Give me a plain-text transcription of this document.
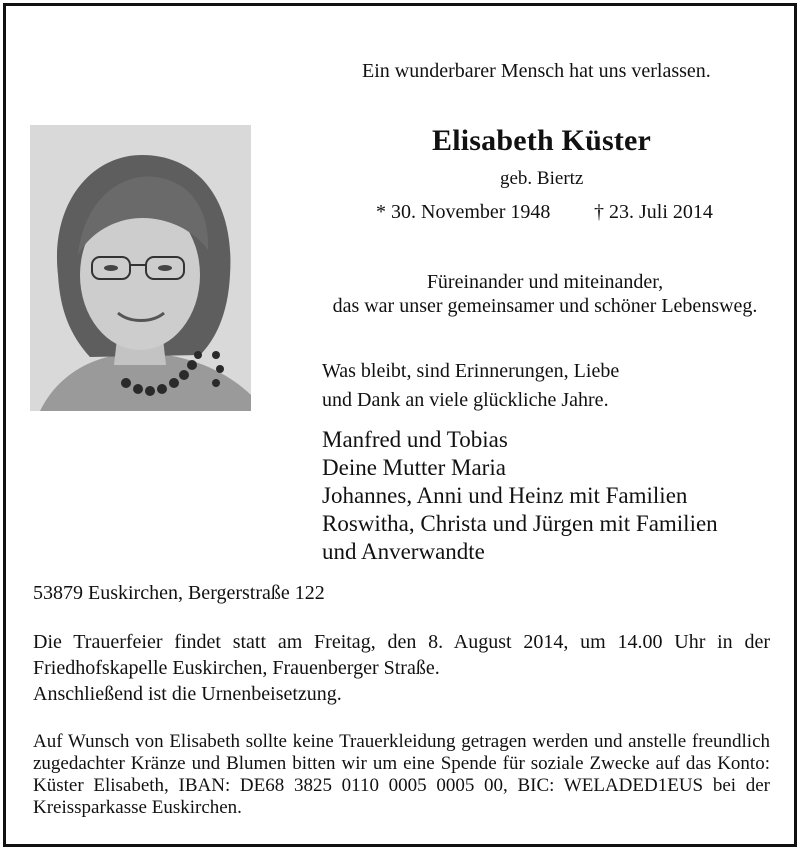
Ein wunderbarer Mensch hat uns verlassen.
Elisabeth Küster
geb. Biertz
* 30. November 1948 † 23. Juli 2014
Füreinander und miteinander,
das war unser gemeinsamer und schöner Lebensweg.
Was bleibt, sind Erinnerungen, Liebe
und Dank an viele glückliche Jahre.
Manfred und Tobias
Deine Mutter Maria
Johannes, Anni und Heinz mit Familien
Roswitha, Christa und Jürgen mit Familien
und Anverwandte
53879 Euskirchen, Bergerstraße 122
Die Trauerfeier findet statt am Freitag, den 8. August 2014, um 14.00 Uhr in der
Friedhofskapelle Euskirchen, Frauenberger Straße.
Anschließend ist die Urnenbeisetzung.
Auf Wunsch von Elisabeth sollte keine Trauerkleidung getragen werden und anstelle freundlich zugedachter Kränze und Blumen bitten wir um eine Spende für soziale Zwecke auf das Konto: Küster Elisabeth, IBAN: DE68 3825 0110 0005 0005 00, BIC: WELADED1EUS bei der Kreissparkasse Euskirchen.
